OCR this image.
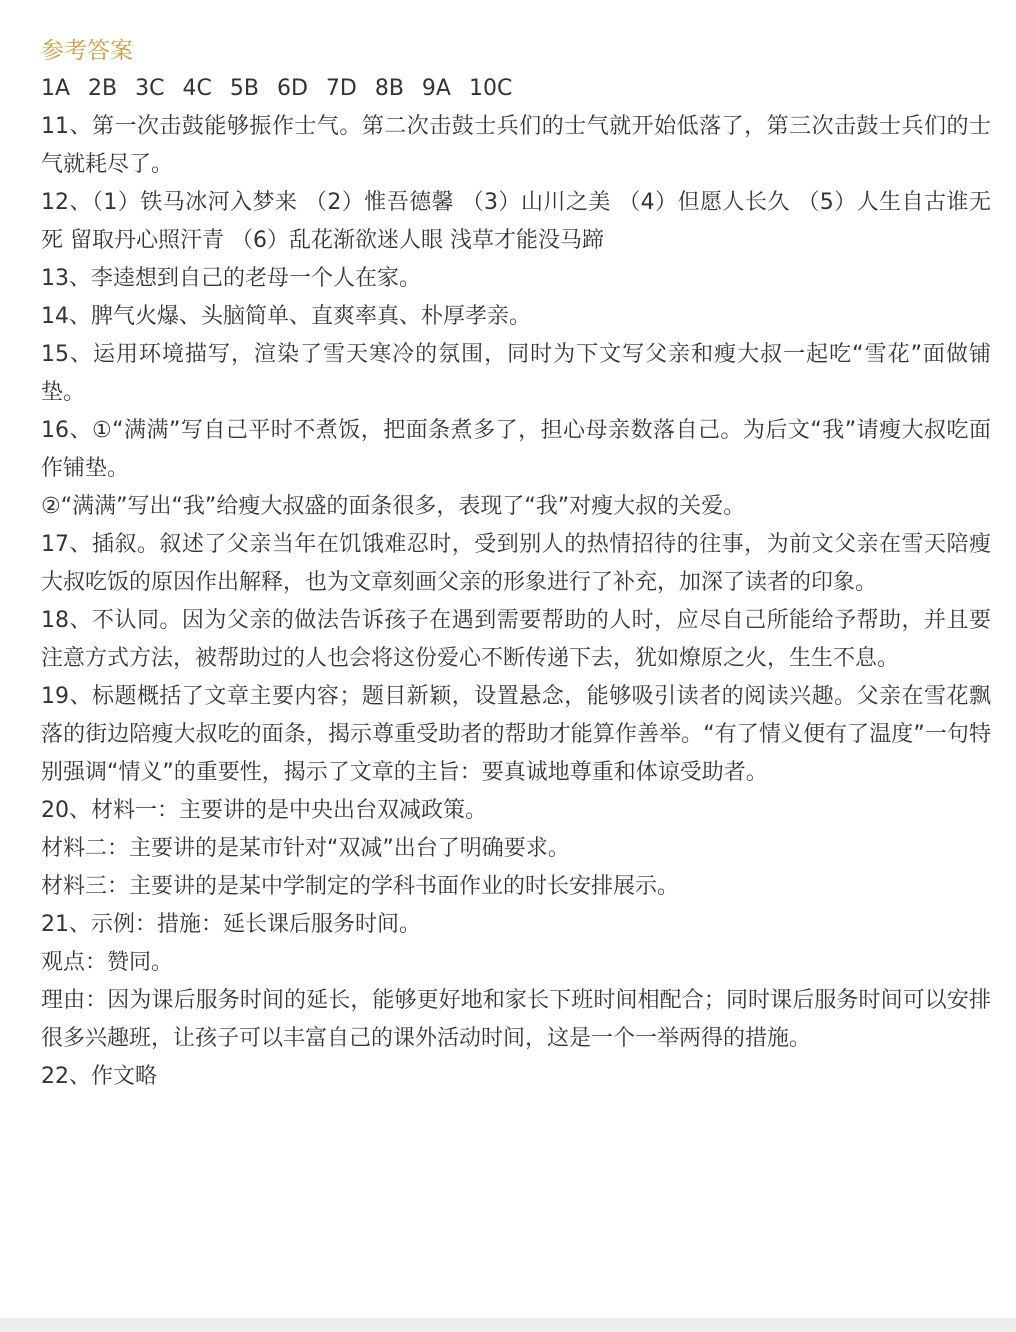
参考答案
1A 2B 3C 4C 5B 6D 7D 8B 9A 10C

11、第一次击鼓能够振作士气。第二次击鼓士兵们的士气就开始低落了，第三次击鼓士兵们的士气就耗尽了。

12、（1）铁马冰河入梦来 （2）惟吾德馨 （3）山川之美 （4）但愿人长久 （5）人生自古谁无死 留取丹心照汗青 （6）乱花渐欲迷人眼 浅草才能没马蹄

13、李逵想到自己的老母一个人在家。

14、脾气火爆、头脑简单、直爽率真、朴厚孝亲。

15、运用环境描写，渲染了雪天寒冷的氛围，同时为下文写父亲和瘦大叔一起吃“雪花”面做铺垫。

16、①“满满”写自己平时不煮饭，把面条煮多了，担心母亲数落自己。为后文“我”请瘦大叔吃面作铺垫。

②“满满”写出“我”给瘦大叔盛的面条很多，表现了“我”对瘦大叔的关爱。

17、插叙。叙述了父亲当年在饥饿难忍时，受到别人的热情招待的往事，为前文父亲在雪天陪瘦大叔吃饭的原因作出解释，也为文章刻画父亲的形象进行了补充，加深了读者的印象。

18、不认同。因为父亲的做法告诉孩子在遇到需要帮助的人时，应尽自己所能给予帮助，并且要注意方式方法，被帮助过的人也会将这份爱心不断传递下去，犹如燎原之火，生生不息。

19、标题概括了文章主要内容；题目新颖，设置悬念，能够吸引读者的阅读兴趣。父亲在雪花飘落的街边陪瘦大叔吃的面条，揭示尊重受助者的帮助才能算作善举。“有了情义便有了温度”一句特别强调“情义”的重要性，揭示了文章的主旨：要真诚地尊重和体谅受助者。

20、材料一：主要讲的是中央出台双减政策。

材料二：主要讲的是某市针对“双减”出台了明确要求。

材料三：主要讲的是某中学制定的学科书面作业的时长安排展示。

21、示例：措施：延长课后服务时间。

观点：赞同。

理由：因为课后服务时间的延长，能够更好地和家长下班时间相配合；同时课后服务时间可以安排很多兴趣班，让孩子可以丰富自己的课外活动时间，这是一个一举两得的措施。

22、作文略
